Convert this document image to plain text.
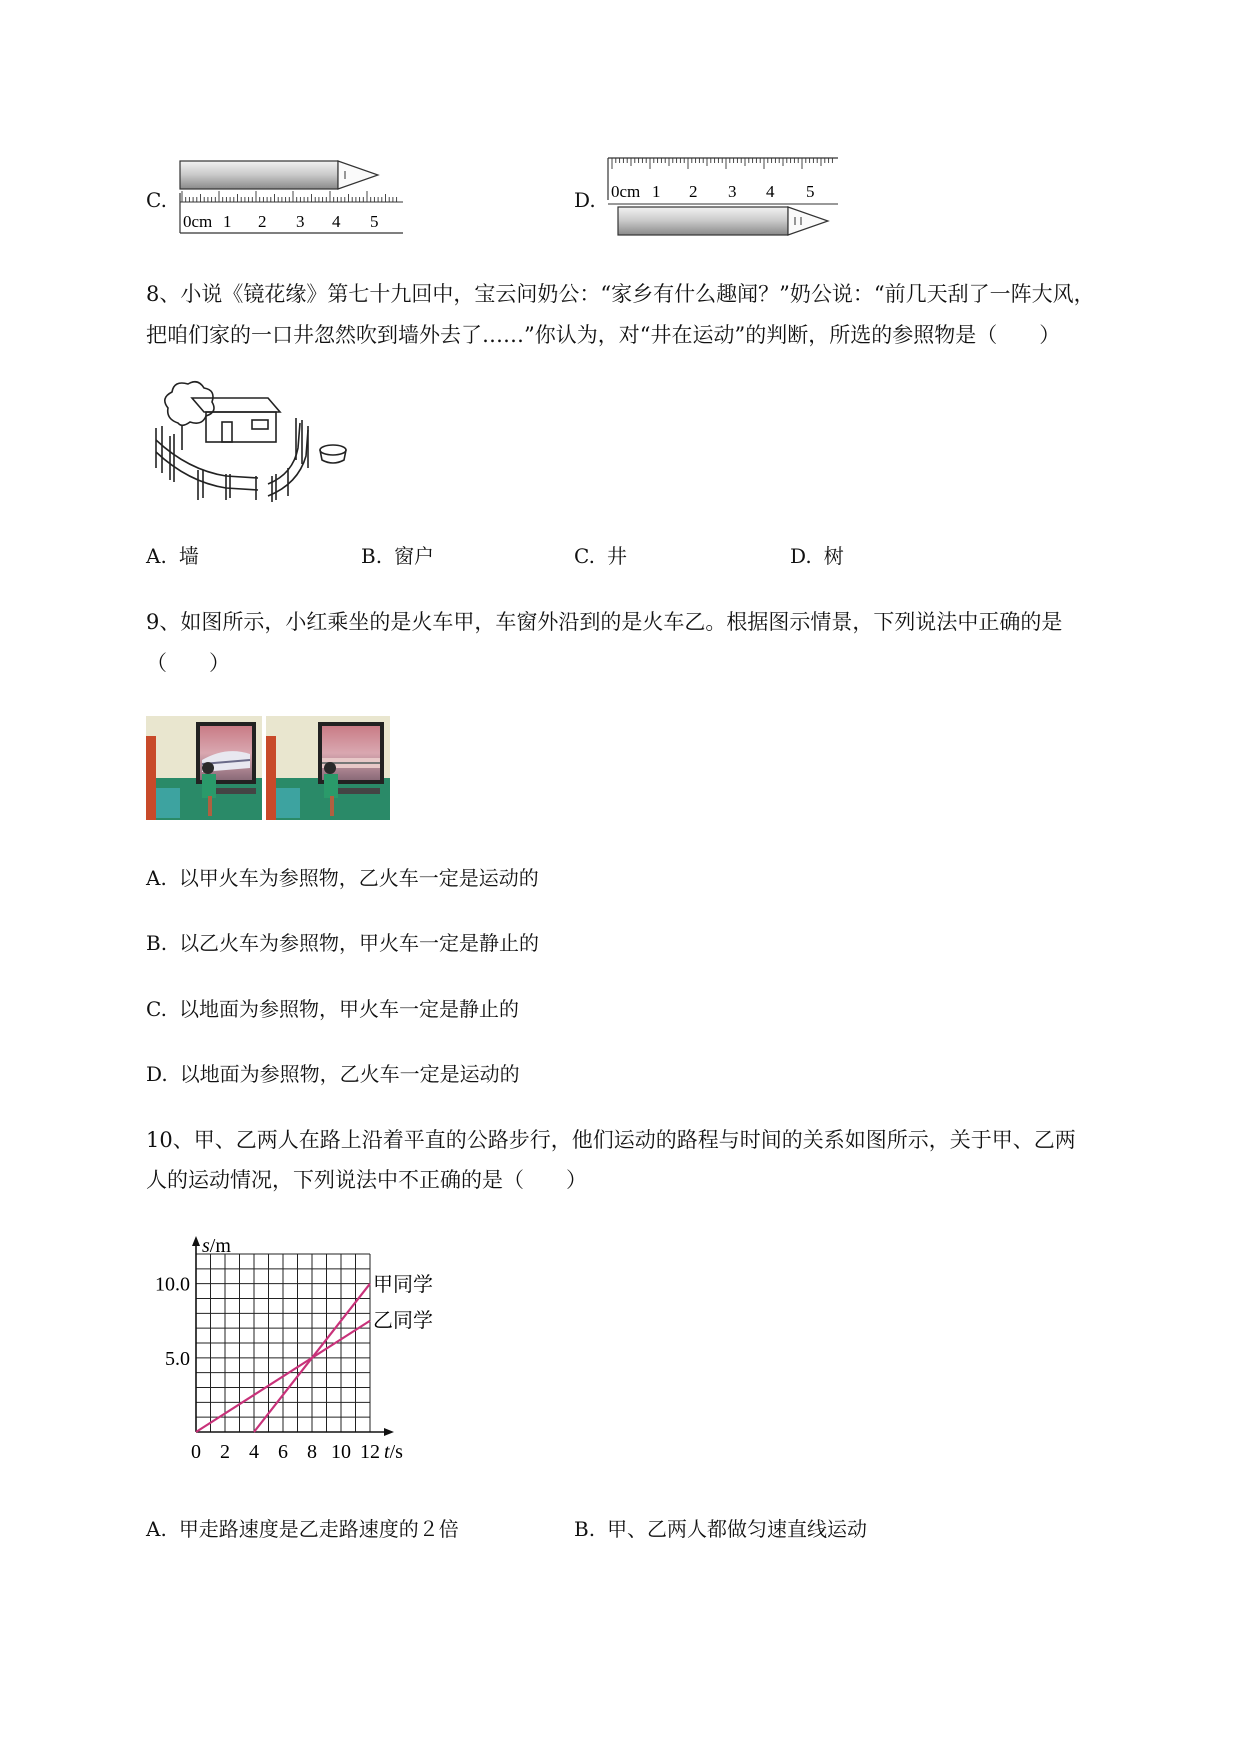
C.
0cm 1 2 3 4 5
D. 0cm 1 2 3 4 5
8、小说《镜花缘》第七十九回中，宝云问奶公：“家乡有什么趣闻？”奶公说：“前几天刮了一阵大风，
把咱们家的一口井忽然吹到墙外去了……”你认为，对“井在运动”的判断，所选的参照物是（　　）
A. 墙	B. 窗户	C. 井	D. 树
9、如图所示，小红乘坐的是火车甲，车窗外沿到的是火车乙。根据图示情景，下列说法中正确的是
（　　）
A. 以甲火车为参照物，乙火车一定是运动的
B. 以乙火车为参照物，甲火车一定是静止的
C. 以地面为参照物，甲火车一定是静止的
D. 以地面为参照物，乙火车一定是运动的
10、甲、乙两人在路上沿着平直的公路步行，他们运动的路程与时间的关系如图所示，关于甲、乙两
人的运动情况，下列说法中不正确的是（　　）
0 2 4 6 8 10 12
5.0
10.0
s/m
t/s
甲同学
乙同学
A. 甲走路速度是乙走路速度的２倍	B. 甲、乙两人都做匀速直线运动
